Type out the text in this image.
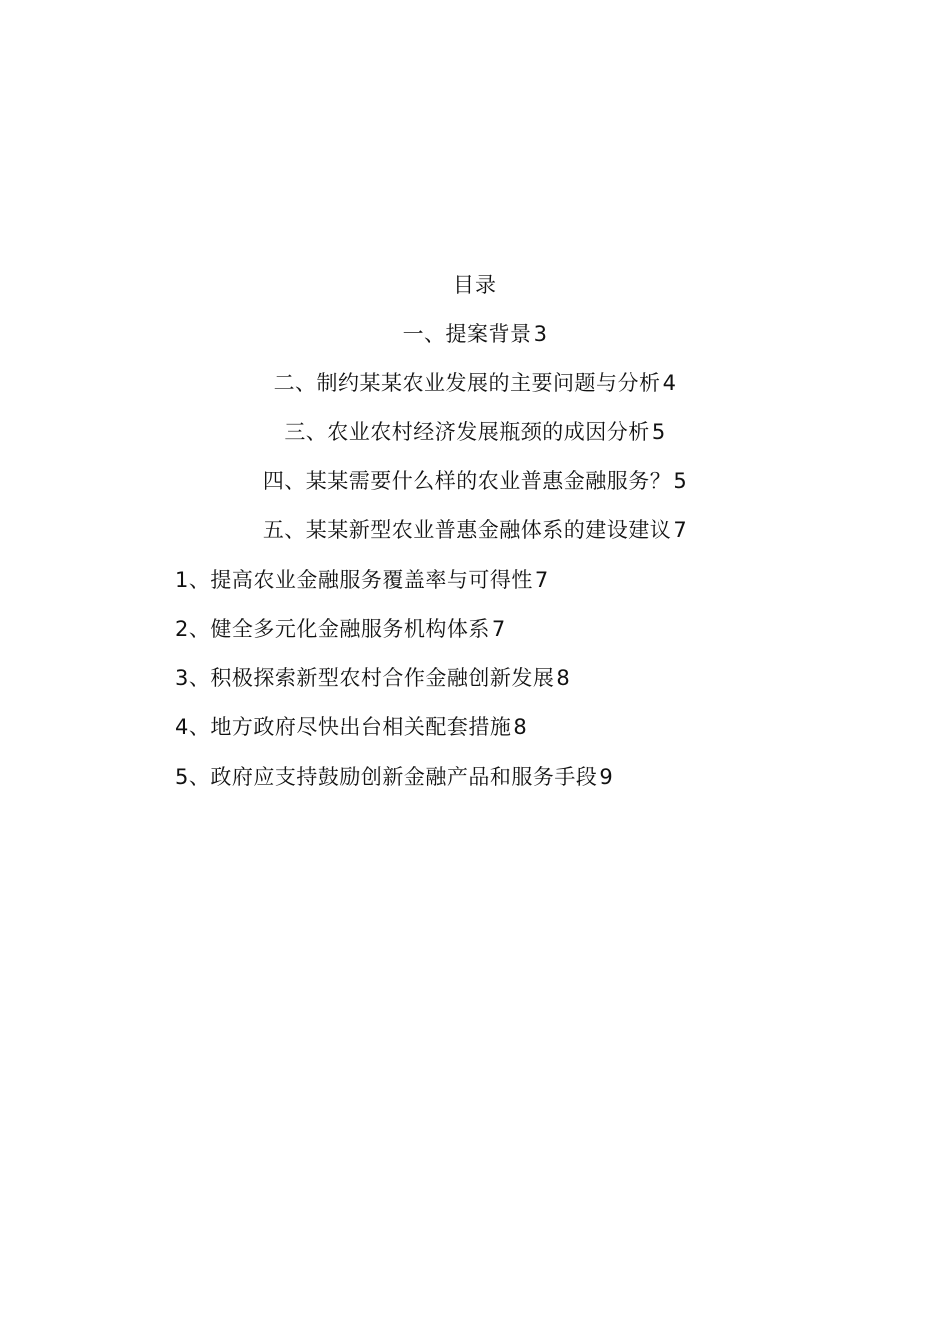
目录
一、提案背景3
二、制约某某农业发展的主要问题与分析4
三、农业农村经济发展瓶颈的成因分析5
四、某某需要什么样的农业普惠金融服务？5
五、某某新型农业普惠金融体系的建设建议7
1、提高农业金融服务覆盖率与可得性7
2、健全多元化金融服务机构体系7
3、积极探索新型农村合作金融创新发展8
4、地方政府尽快出台相关配套措施8
5、政府应支持鼓励创新金融产品和服务手段9
